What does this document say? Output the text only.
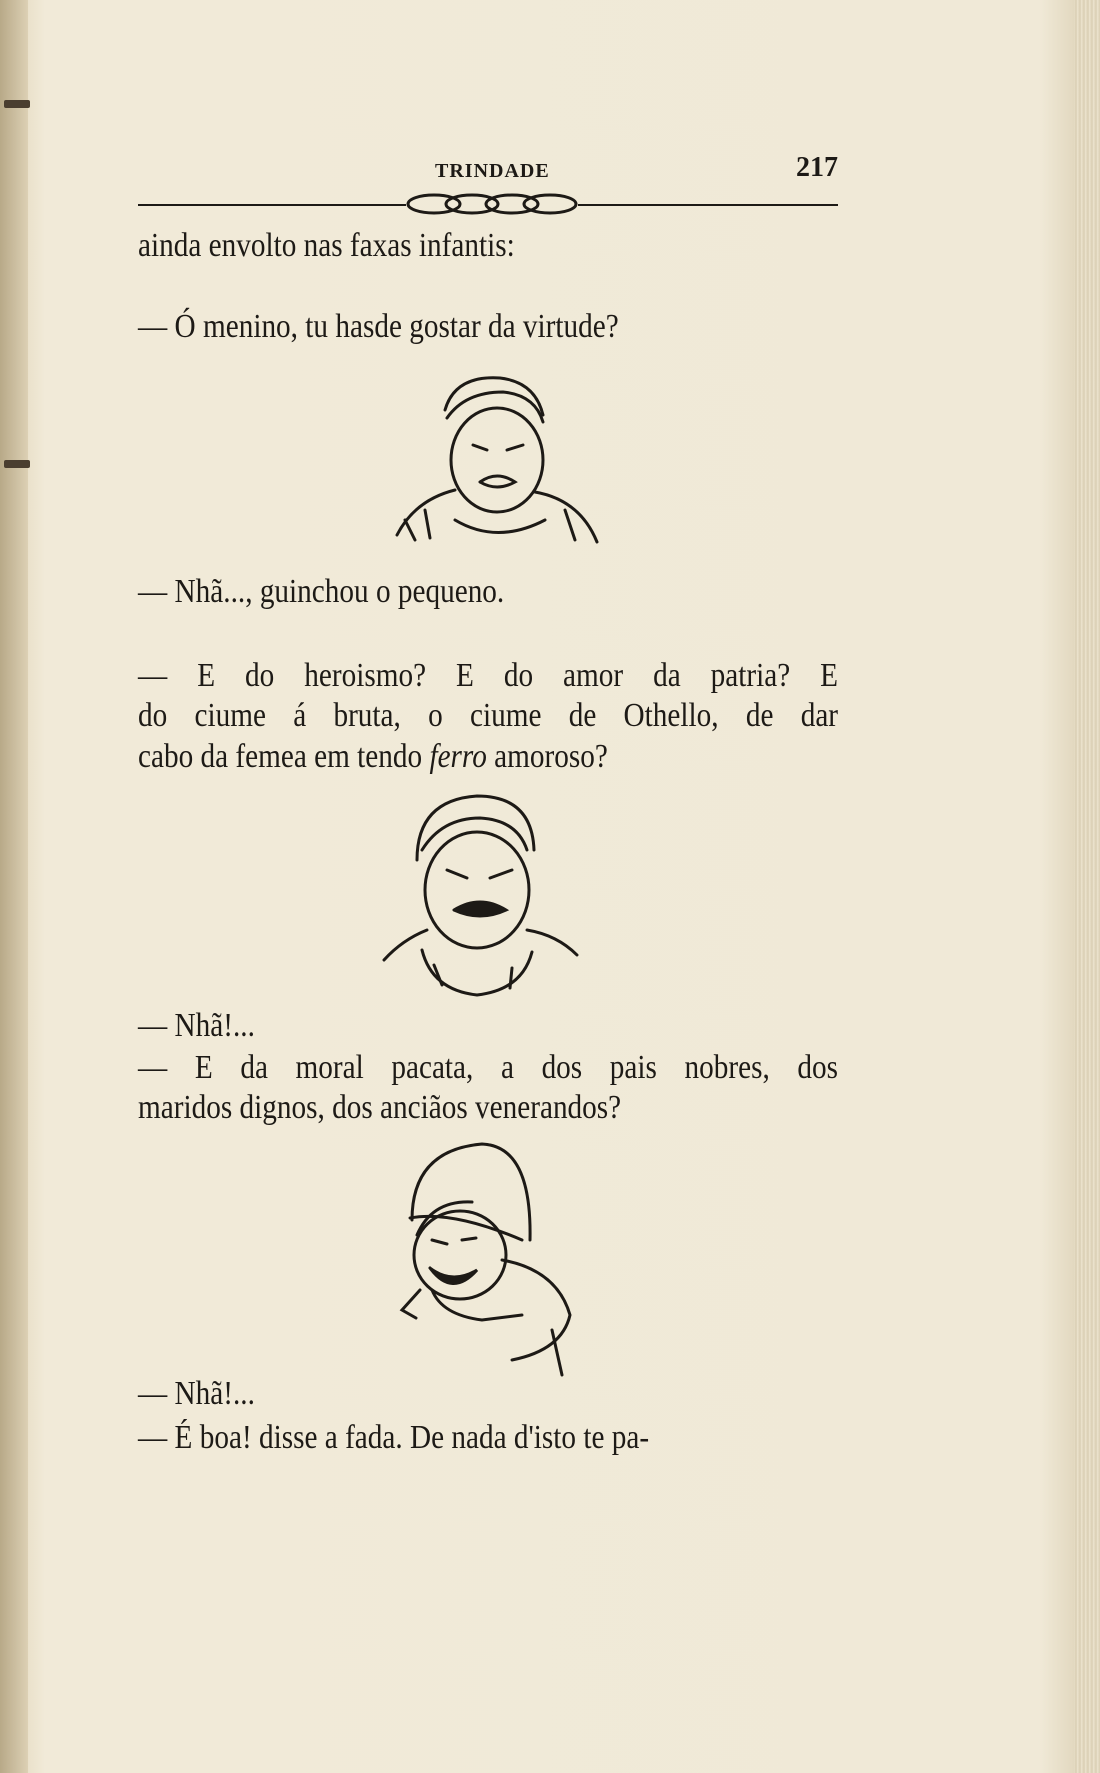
TRINDADE	217
ainda envolto nas faxas infantis:
— Ó menino, tu hasde gostar da virtude?
— Nhã..., guinchou o pequeno.
— E do heroismo? E do amor da patria? E
do ciume á bruta, o ciume de Othello, de dar
cabo da femea em tendo ferro amoroso?
— Nhã!...
— E da moral pacata, a dos pais nobres, dos
maridos dignos, dos anciãos venerandos?
— Nhã!...
— É boa! disse a fada. De nada d'isto te pa-
